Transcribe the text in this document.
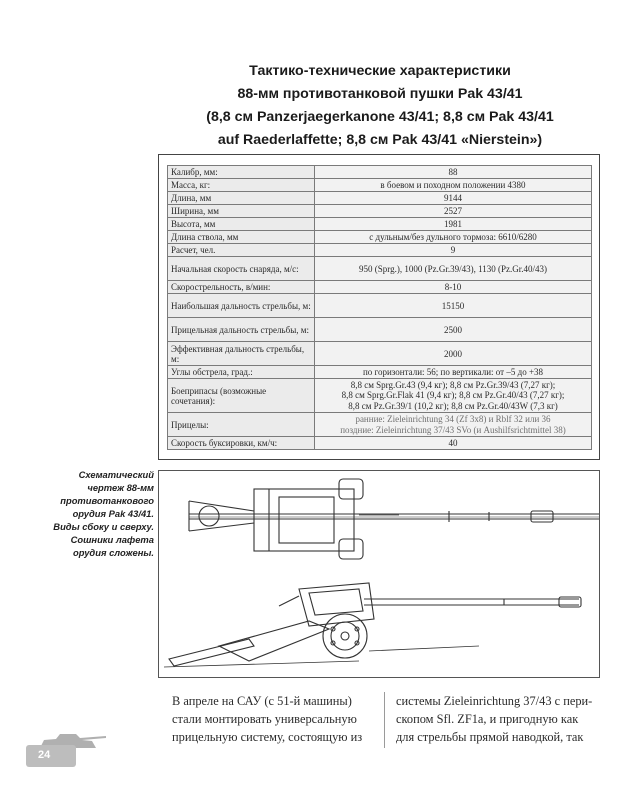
Тактико-технические характеристики
88-мм противотанковой пушки Pak 43/41
(8,8 см Panzerjaegerkanone 43/41; 8,8 см Pak 43/41
auf Raederlaffette; 8,8 см Pak 43/41 «Nierstein»)
Калибр, мм:	88
Масса, кг:	в боевом и походном положении 4380
Длина, мм	9144
Ширина, мм	2527
Высота, мм	1981
Длина ствола, мм	с дульным/без дульного тормоза: 6610/6280
Расчет, чел.	9
Начальная скорость снаряда, м/с:	950 (Sprg.), 1000 (Pz.Gr.39/43), 1130 (Pz.Gr.40/43)
Скорострельность, в/мин:	8-10
Наибольшая дальность стрельбы, м:	15150
Прицельная дальность стрельбы, м:	2500
Эффективная дальность стрельбы, м:	2000
Углы обстрела, град.:	по горизонтали: 56; по вертикали: от –5 до +38
Боеприпасы (возможные сочетания):	8,8 см Sprg.Gr.43 (9,4 кг); 8,8 см Pz.Gr.39/43 (7,27 кг);
8,8 см Sprg.Gr.Flak 41 (9,4 кг); 8,8 см Pz.Gr.40/43 (7,27 кг);
8,8 см Pz.Gr.39/1 (10,2 кг); 8,8 см Pz.Gr.40/43W (7,3 кг)

Прицелы:	ранние: Zieleinrichtung 34 (Zf 3x8) и Rblf 32 или 36
поздние: Zieleinrichtung 37/43 SVo (и Aushilfsrichtmittel 38)

Скорость буксировки, км/ч:	40
Схематический
чертеж 88-мм
противотанкового
орудия Pak 43/41.
Виды сбоку и сверху.
Сошники лафета
орудия сложены.
В апреле на САУ (с 51-й машины)
стали монтировать универсальную
прицельную систему, состоящую из
системы Zieleinrichtung 37/43 с пери-
скопом Sfl. ZF1a, и пригодную как
для стрельбы прямой наводкой, так
24
